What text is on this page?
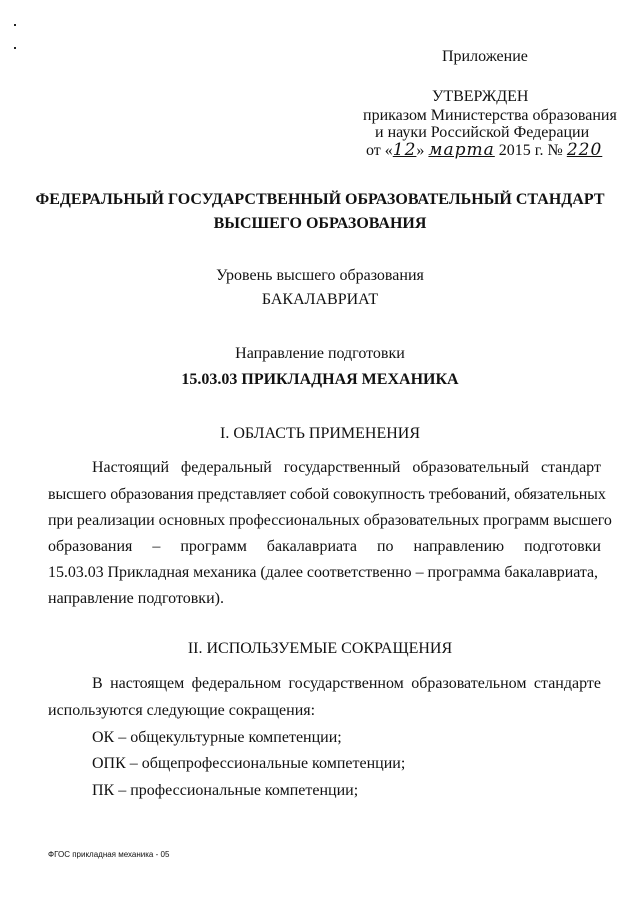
Приложение
УТВЕРЖДЕН
приказом Министерства образования
и науки Российской Федерации
от «12» марта 2015 г. № 220
ФЕДЕРАЛЬНЫЙ ГОСУДАРСТВЕННЫЙ ОБРАЗОВАТЕЛЬНЫЙ СТАНДАРТ
ВЫСШЕГО ОБРАЗОВАНИЯ
Уровень высшего образования
БАКАЛАВРИАТ
Направление подготовки
15.03.03 ПРИКЛАДНАЯ МЕХАНИКА
I. ОБЛАСТЬ ПРИМЕНЕНИЯ
Настоящий федеральный государственный образовательный стандарт
высшего образования представляет собой совокупность требований, обязательных
при реализации основных профессиональных образовательных программ высшего
образования – программ бакалавриата по направлению подготовки
15.03.03 Прикладная механика (далее соответственно – программа бакалавриата,
направление подготовки).
II. ИСПОЛЬЗУЕМЫЕ СОКРАЩЕНИЯ
В настоящем федеральном государственном образовательном стандарте
используются следующие сокращения:
ОК – общекультурные компетенции;
ОПК – общепрофессиональные компетенции;
ПК – профессиональные компетенции;
ФГОС прикладная механика - 05
